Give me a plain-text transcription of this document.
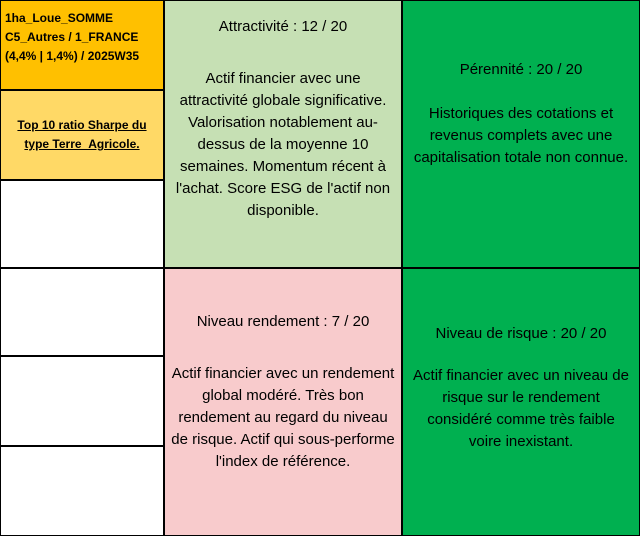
1ha_Loue_SOMME
C5_Autres / 1_FRANCE
(4,4% | 1,4%) / 2025W35
Top 10 ratio Sharpe du type Terre_Agricole.
Attractivité : 12 / 20
Actif financier avec une attractivité globale significative. Valorisation notablement au-dessus de la moyenne 10 semaines. Momentum récent à l'achat. Score ESG de l'actif non disponible.
Pérennité : 20 / 20
Historiques des cotations et revenus complets avec une capitalisation totale non connue.
Niveau rendement : 7 / 20
Actif financier avec un rendement global modéré. Très bon rendement au regard du niveau de risque. Actif qui sous-performe l'index de référence.
Niveau de risque : 20 / 20
Actif financier avec un niveau de risque sur le rendement considéré comme très faible voire inexistant.
